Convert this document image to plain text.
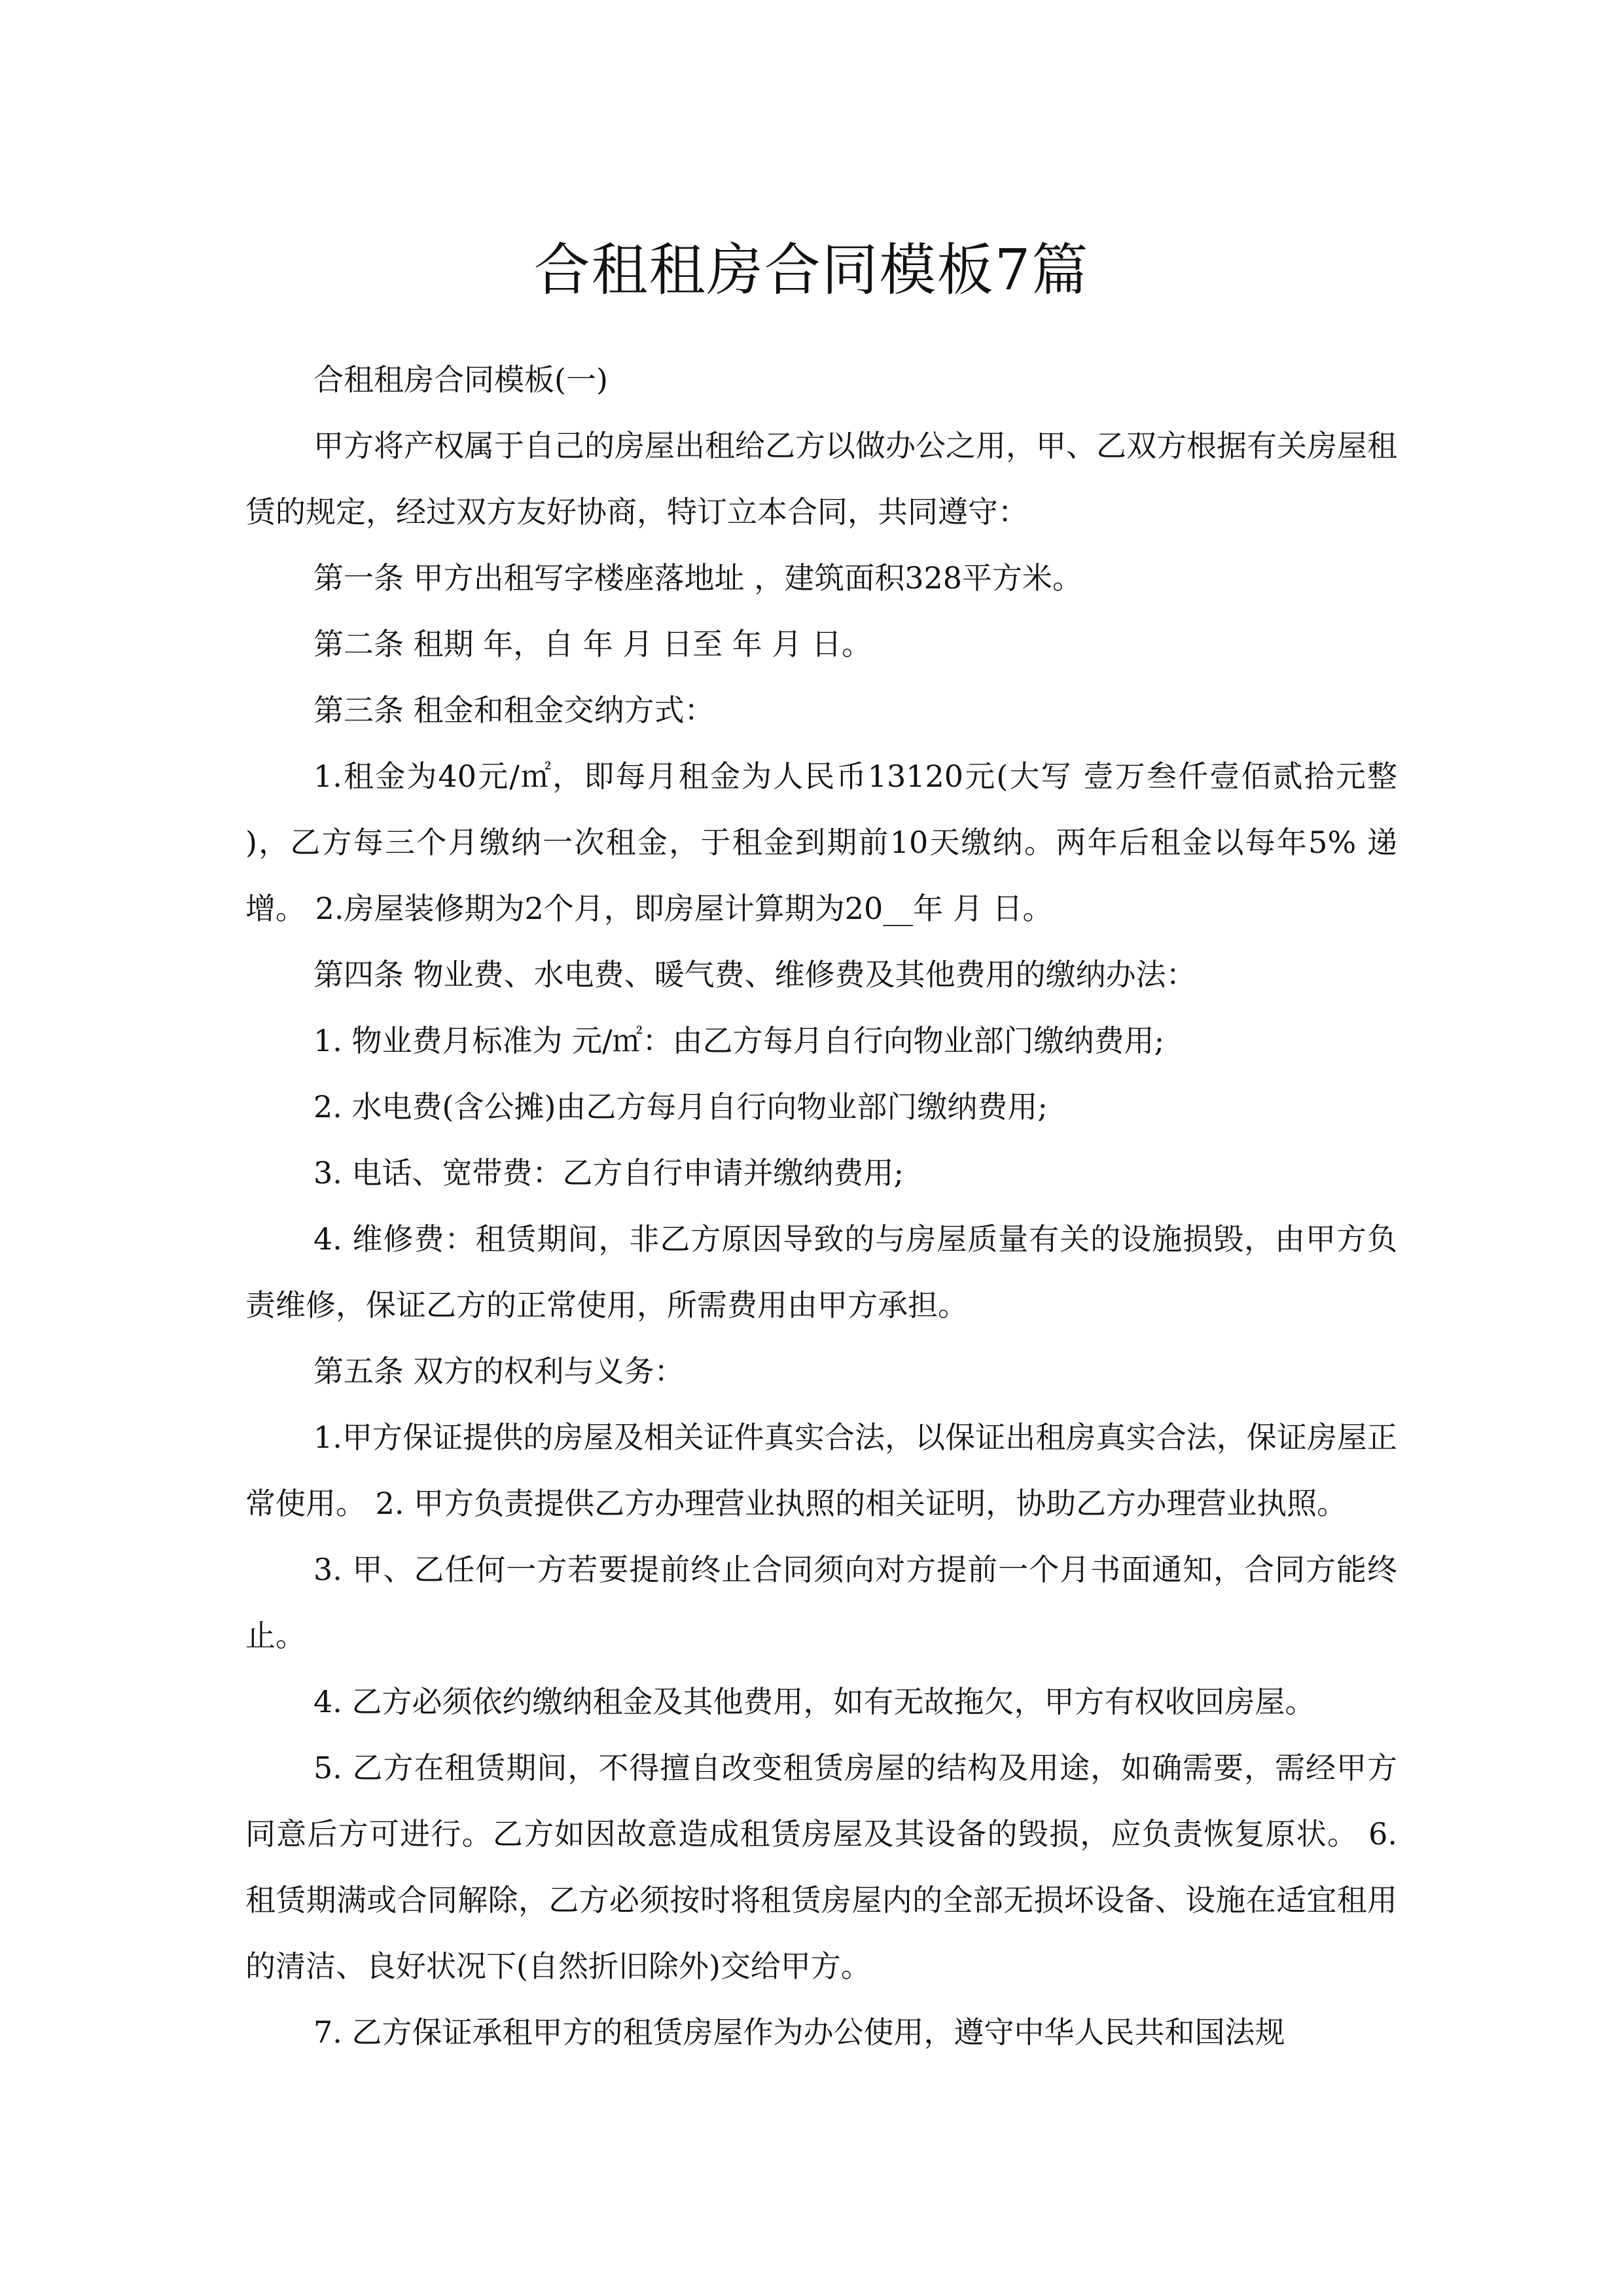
合租租房合同模板7篇

合租租房合同模板(一)

甲方将产权属于自己的房屋出租给乙方以做办公之用，甲、乙双方根据有关房屋租赁的规定，经过双方友好协商，特订立本合同，共同遵守：

第一条 甲方出租写字楼座落地址 ，建筑面积328平方米。

第二条 租期 年，自 年 月 日至 年 月 日。

第三条 租金和租金交纳方式：

1.租金为40元/㎡，即每月租金为人民币13120元(大写 壹万叁仟壹佰贰拾元整 )，乙方每三个月缴纳一次租金，于租金到期前10天缴纳。两年后租金以每年5% 递增。 2.房屋装修期为2个月，即房屋计算期为20__年 月 日。

第四条 物业费、水电费、暖气费、维修费及其他费用的缴纳办法：

1. 物业费月标准为 元/㎡：由乙方每月自行向物业部门缴纳费用;

2. 水电费(含公摊)由乙方每月自行向物业部门缴纳费用;

3. 电话、宽带费：乙方自行申请并缴纳费用;

4. 维修费：租赁期间，非乙方原因导致的与房屋质量有关的设施损毁，由甲方负责维修，保证乙方的正常使用，所需费用由甲方承担。

第五条 双方的权利与义务：

1.甲方保证提供的房屋及相关证件真实合法，以保证出租房真实合法，保证房屋正常使用。 2. 甲方负责提供乙方办理营业执照的相关证明，协助乙方办理营业执照。

3. 甲、乙任何一方若要提前终止合同须向对方提前一个月书面通知，合同方能终止。

4. 乙方必须依约缴纳租金及其他费用，如有无故拖欠，甲方有权收回房屋。

5. 乙方在租赁期间，不得擅自改变租赁房屋的结构及用途，如确需要，需经甲方同意后方可进行。乙方如因故意造成租赁房屋及其设备的毁损，应负责恢复原状。 6. 租赁期满或合同解除，乙方必须按时将租赁房屋内的全部无损坏设备、设施在适宜租用的清洁、良好状况下(自然折旧除外)交给甲方。

7. 乙方保证承租甲方的租赁房屋作为办公使用，遵守中华人民共和国法规
